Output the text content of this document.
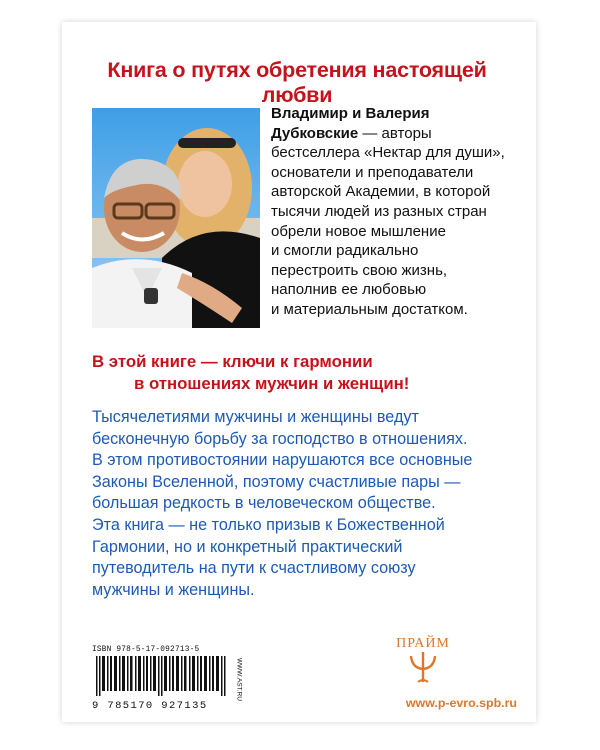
Книга о путях обретения настоящей любви
Владимир и Валерия
Дубковские — авторы
бестселлера «Нектар для души»,
основатели и преподаватели
авторской Академии, в которой
тысячи людей из разных стран
обрели новое мышление
и смогли радикально
перестроить свою жизнь,
наполнив ее любовью
и материальным достатком.
В этой книге — ключи к гармонии
в отношениях мужчин и женщин!
Тысячелетиями мужчины и женщины ведут
бесконечную борьбу за господство в отношениях.
В этом противостоянии нарушаются все основные
Законы Вселенной, поэтому счастливые пары —
большая редкость в человеческом обществе.
Эта книга — не только призыв к Божественной
Гармонии, но и конкретный практический
путеводитель на пути к счастливому союзу
мужчины и женщины.
ISBN 978-5-17-092713-5
9 785170 927135
WWW.AST.RU
ПРАЙМ
www.p-evro.spb.ru
